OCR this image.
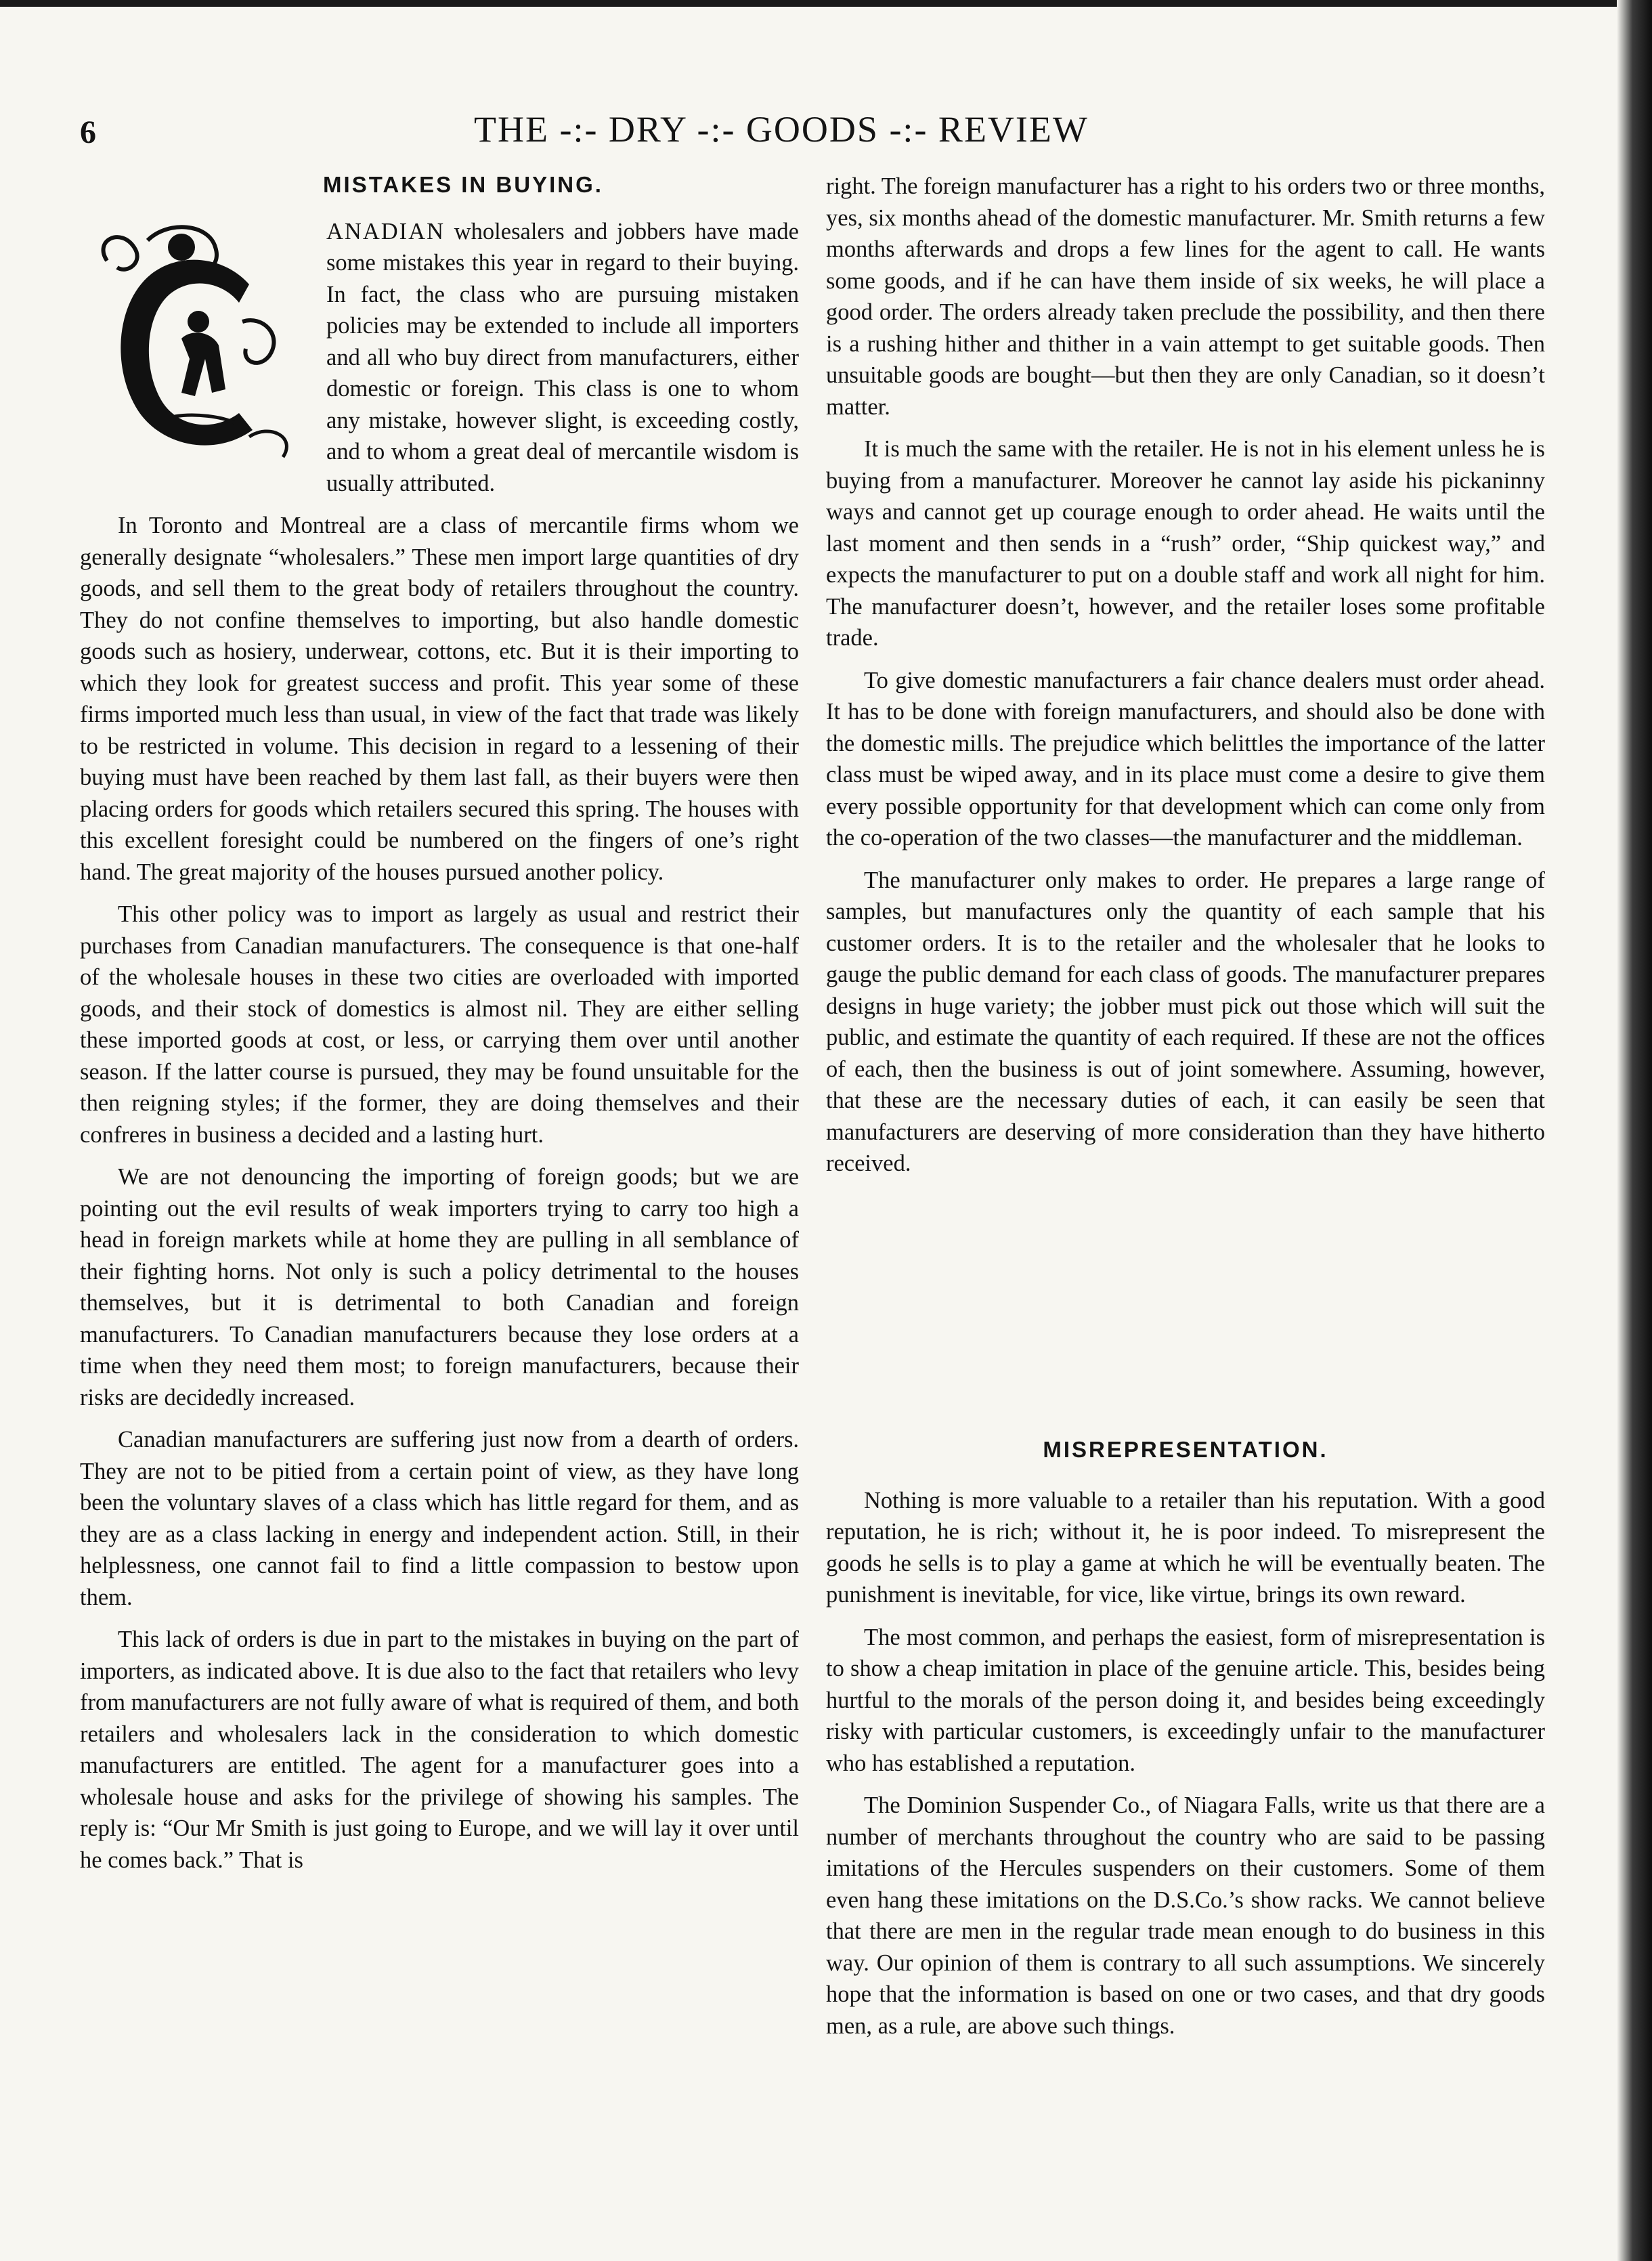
6	THE -:- DRY -:- GOODS -:- REVIEW
MISTAKES IN BUYING.

ANADIAN wholesalers and jobbers have made some mistakes this year in regard to their buying. In fact, the class who are pursuing mistaken policies may be extended to include all importers and all who buy direct from manufacturers, either domestic or foreign. This class is one to whom any mistake, however slight, is exceeding costly, and to whom a great deal of mercantile wisdom is usually attributed.

In Toronto and Montreal are a class of mercantile firms whom we generally designate “wholesalers.” These men import large quantities of dry goods, and sell them to the great body of retailers throughout the country. They do not confine themselves to importing, but also handle domestic goods such as hosiery, underwear, cottons, etc. But it is their importing to which they look for greatest success and profit. This year some of these firms imported much less than usual, in view of the fact that trade was likely to be restricted in volume. This decision in regard to a lessening of their buying must have been reached by them last fall, as their buyers were then placing orders for goods which retailers secured this spring. The houses with this excellent foresight could be numbered on the fingers of one’s right hand. The great majority of the houses pursued another policy.

This other policy was to import as largely as usual and restrict their purchases from Canadian manufacturers. The consequence is that one-half of the wholesale houses in these two cities are overloaded with imported goods, and their stock of domestics is almost nil. They are either selling these imported goods at cost, or less, or carrying them over until another season. If the latter course is pursued, they may be found unsuitable for the then reigning styles; if the former, they are doing themselves and their confreres in business a decided and a lasting hurt.

We are not denouncing the importing of foreign goods; but we are pointing out the evil results of weak importers trying to carry too high a head in foreign markets while at home they are pulling in all semblance of their fighting horns. Not only is such a policy detrimental to the houses themselves, but it is detrimental to both Canadian and foreign manufacturers. To Canadian manufacturers because they lose orders at a time when they need them most; to foreign manufacturers, because their risks are decidedly increased.

Canadian manufacturers are suffering just now from a dearth of orders. They are not to be pitied from a certain point of view, as they have long been the voluntary slaves of a class which has little regard for them, and as they are as a class lacking in energy and independent action. Still, in their helplessness, one cannot fail to find a little compassion to bestow upon them.

This lack of orders is due in part to the mistakes in buying on the part of importers, as indicated above. It is due also to the fact that retailers who levy from manufacturers are not fully aware of what is required of them, and both retailers and wholesalers lack in the consideration to which domestic manufacturers are entitled. The agent for a manufacturer goes into a wholesale house and asks for the privilege of showing his samples. The reply is: “Our Mr Smith is just going to Europe, and we will lay it over until he comes back.” That is

right. The foreign manufacturer has a right to his orders two or three months, yes, six months ahead of the domestic manufacturer. Mr. Smith returns a few months afterwards and drops a few lines for the agent to call. He wants some goods, and if he can have them inside of six weeks, he will place a good order. The orders already taken preclude the possibility, and then there is a rushing hither and thither in a vain attempt to get suitable goods. Then unsuitable goods are bought—but then they are only Canadian, so it doesn’t matter.

It is much the same with the retailer. He is not in his element unless he is buying from a manufacturer. Moreover he cannot lay aside his pickaninny ways and cannot get up courage enough to order ahead. He waits until the last moment and then sends in a “rush” order, “Ship quickest way,” and expects the manufacturer to put on a double staff and work all night for him. The manufacturer doesn’t, however, and the retailer loses some profitable trade.

To give domestic manufacturers a fair chance dealers must order ahead. It has to be done with foreign manufacturers, and should also be done with the domestic mills. The prejudice which belittles the importance of the latter class must be wiped away, and in its place must come a desire to give them every possible opportunity for that development which can come only from the co-operation of the two classes—the manufacturer and the middleman.

The manufacturer only makes to order. He prepares a large range of samples, but manufactures only the quantity of each sample that his customer orders. It is to the retailer and the wholesaler that he looks to gauge the public demand for each class of goods. The manufacturer prepares designs in huge variety; the jobber must pick out those which will suit the public, and estimate the quantity of each required. If these are not the offices of each, then the business is out of joint somewhere. Assuming, however, that these are the necessary duties of each, it can easily be seen that manufacturers are deserving of more consideration than they have hitherto received.

MISREPRESENTATION.

Nothing is more valuable to a retailer than his reputation. With a good reputation, he is rich; without it, he is poor indeed. To misrepresent the goods he sells is to play a game at which he will be eventually beaten. The punishment is inevitable, for vice, like virtue, brings its own reward.

The most common, and perhaps the easiest, form of misrepresentation is to show a cheap imitation in place of the genuine article. This, besides being hurtful to the morals of the person doing it, and besides being exceedingly risky with particular customers, is exceedingly unfair to the manufacturer who has established a reputation.

The Dominion Suspender Co., of Niagara Falls, write us that there are a number of merchants throughout the country who are said to be passing imitations of the Hercules suspenders on their customers. Some of them even hang these imitations on the D.S.Co.’s show racks. We cannot believe that there are men in the regular trade mean enough to do business in this way. Our opinion of them is contrary to all such assumptions. We sincerely hope that the information is based on one or two cases, and that dry goods men, as a rule, are above such things.
